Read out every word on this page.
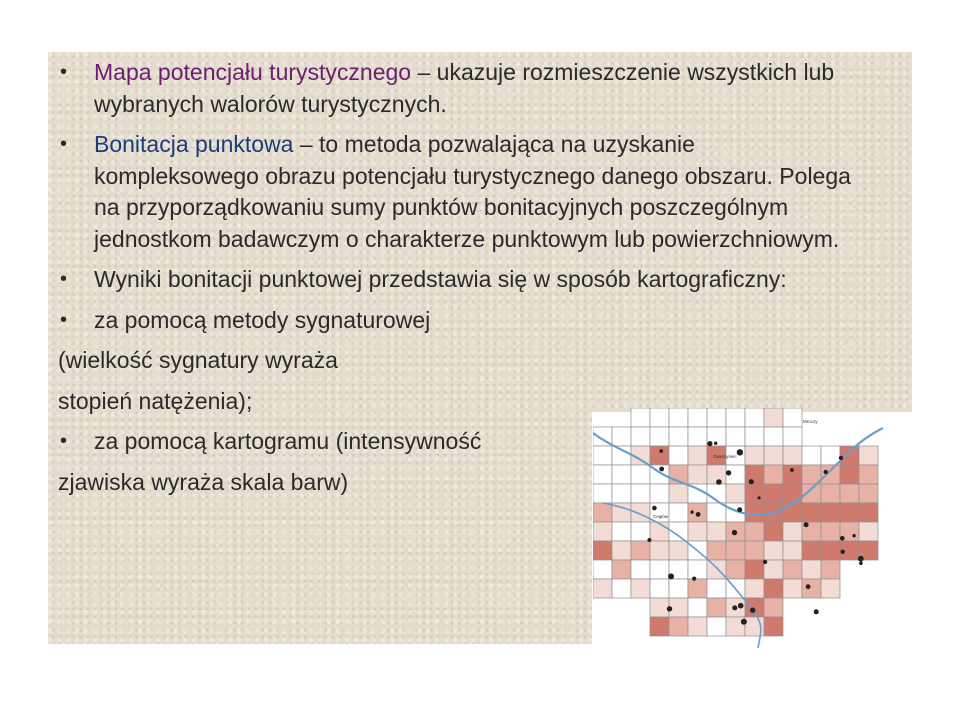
•	Mapa potencjału turystycznego – ukazuje rozmieszczenie wszystkich lub wybranych walorów turystycznych.
•	Bonitacja punktowa – to metoda pozwalająca na uzyskanie kompleksowego obrazu potencjału turystycznego danego obszaru. Polega na przyporządkowaniu sumy punktów bonitacyjnych poszczególnym jednostkom badawczym o charakterze punktowym lub powierzchniowym.
•	Wyniki bonitacji punktowej przedstawia się w sposób kartograficzny:
•	za pomocą metody sygnaturowej
(wielkość sygnatury wyraża
stopień natężenia);
•	za pomocą kartogramu (intensywność
zjawiska wyraża skala barw)
Mroczy
Zwierzyniec
Cegłów
